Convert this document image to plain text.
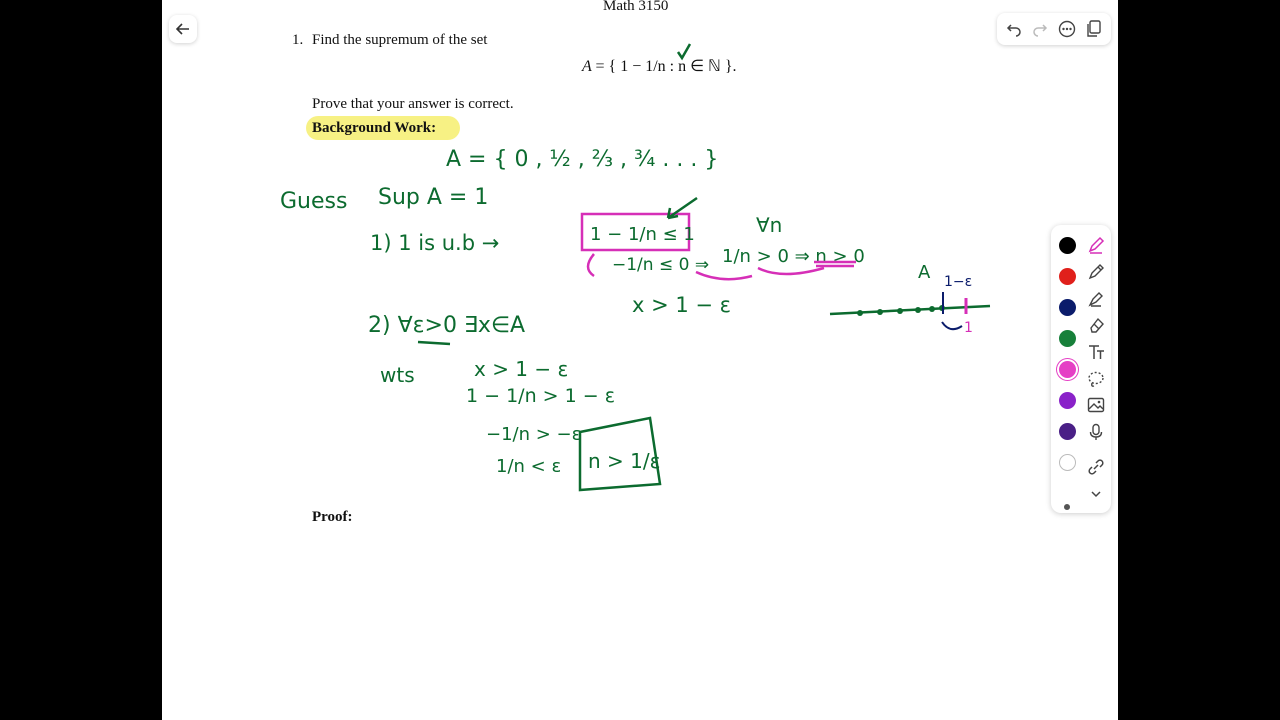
Math 3150
1. Find the supremum of the set
A = { 1 − 1/n : n ∈ ℕ }.
Prove that your answer is correct.
Background Work:
Proof:
A = { 0 , ½ , ⅔ , ¾ . . . }
Guess Sup A = 1
1) 1 is u.b →	1 − 1/n ≤ 1	∀n
−1/n ≤ 0 ⇒ 1/n > 0 ⇒ n > 0
x > 1 − ε
2) ∀ε>0 ∃x∈A
wts	x > 1 − ε
1 − 1/n > 1 − ε
−1/n > −ε
1/n < ε n > 1/ε
A 1−ε
1
